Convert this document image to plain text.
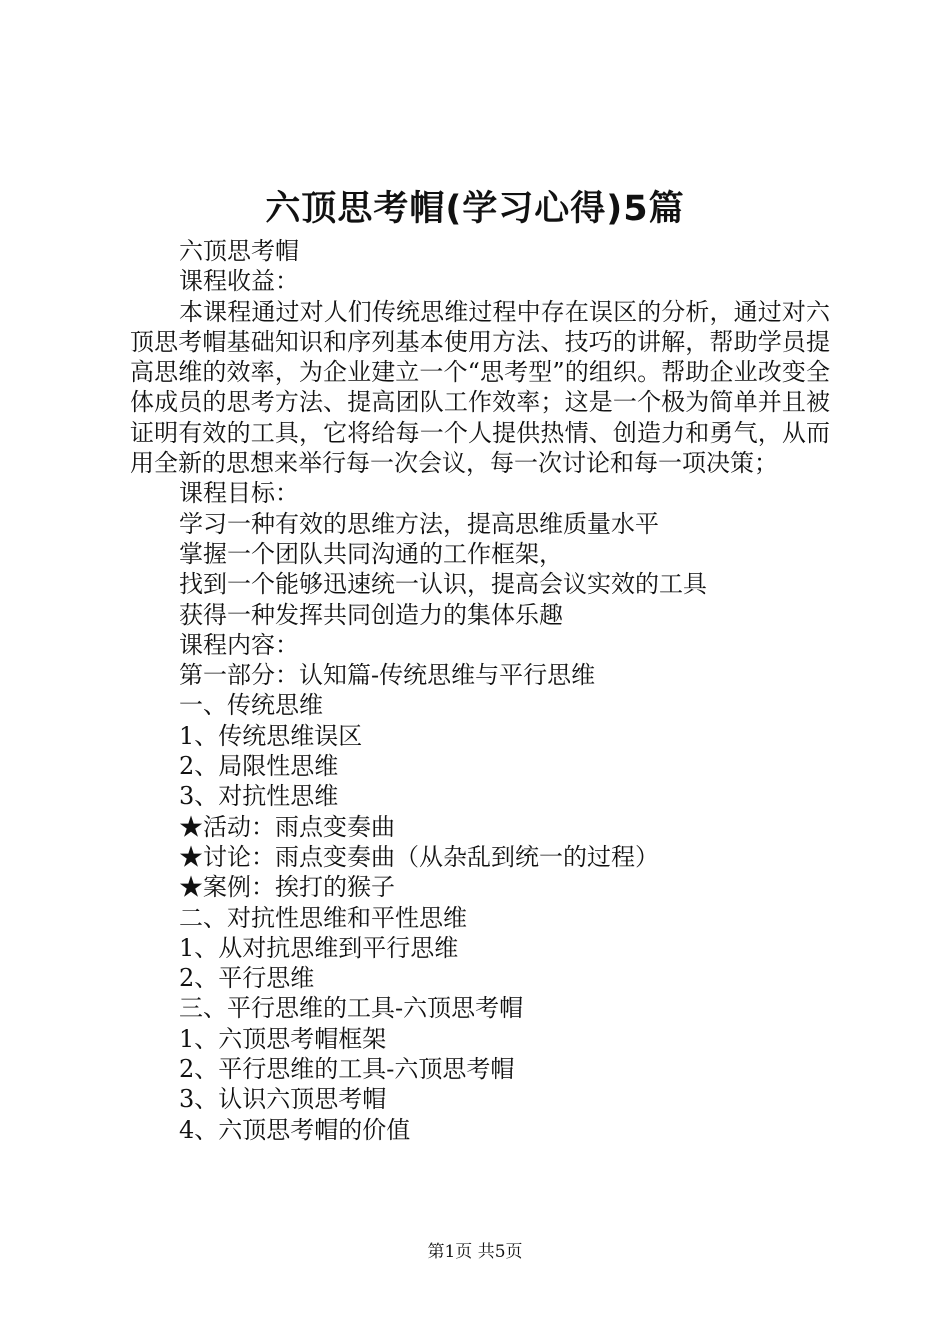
六顶思考帽(学习心得)5篇

六顶思考帽

课程收益：

本课程通过对人们传统思维过程中存在误区的分析，通过对六顶思考帽基础知识和序列基本使用方法、技巧的讲解，帮助学员提高思维的效率，为企业建立一个“思考型”的组织。帮助企业改变全体成员的思考方法、提高团队工作效率；这是一个极为简单并且被证明有效的工具，它将给每一个人提供热情、创造力和勇气，从而用全新的思想来举行每一次会议，每一次讨论和每一项决策；

课程目标：

学习一种有效的思维方法，提高思维质量水平

掌握一个团队共同沟通的工作框架，

找到一个能够迅速统一认识，提高会议实效的工具

获得一种发挥共同创造力的集体乐趣

课程内容：

第一部分：认知篇-传统思维与平行思维

一、传统思维

1、传统思维误区

2、局限性思维

3、对抗性思维

★活动：雨点变奏曲

★讨论：雨点变奏曲（从杂乱到统一的过程）

★案例：挨打的猴子

二、对抗性思维和平性思维

1、从对抗思维到平行思维

2、平行思维

三、平行思维的工具-六顶思考帽

1、六顶思考帽框架

2、平行思维的工具-六顶思考帽

3、认识六顶思考帽

4、六顶思考帽的价值

第1页 共5页
